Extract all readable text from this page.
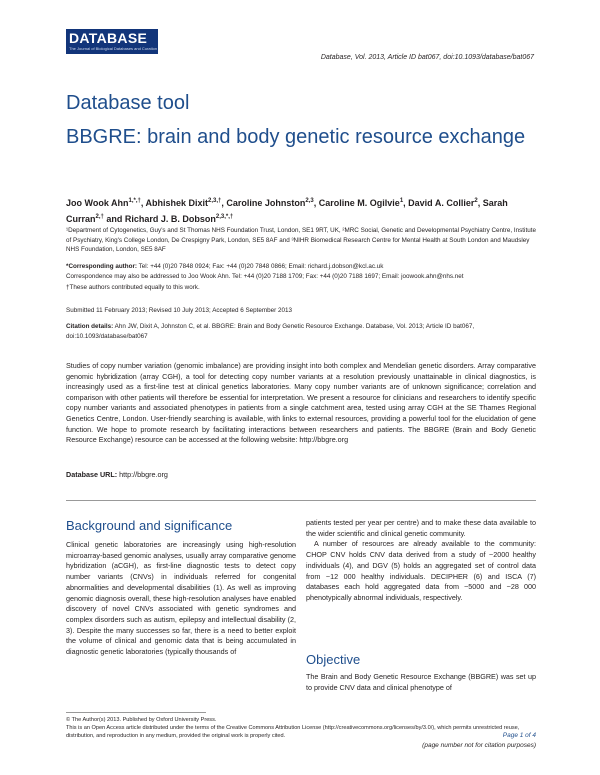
DATABASE
The Journal of Biological Databases and Curation
Database, Vol. 2013, Article ID bat067, doi:10.1093/database/bat067
Database tool
BBGRE: brain and body genetic resource exchange
Joo Wook Ahn$^{1,*,\dagger}$, Abhishek Dixit$^{2,3,\dagger}$, Caroline Johnston$^{2,3}$, Caroline M. Ogilvie$^1$, David A. Collier$^2$, Sarah Curran$^{2,\dagger}$ and Richard J. B. Dobson$^{2,3,*,\dagger}$
¹Department of Cytogenetics, Guy's and St Thomas NHS Foundation Trust, London, SE1 9RT, UK, ²MRC Social, Genetic and Developmental Psychiatry Centre, Institute of Psychiatry, King's College London, De Crespigny Park, London, SE5 8AF and ³NIHR Biomedical Research Centre for Mental Health at South London and Maudsley NHS Foundation, London, SE5 8AF
*Corresponding author: Tel: +44 (0)20 7848 0924; Fax: +44 (0)20 7848 0866; Email: richard.j.dobson@kcl.ac.uk
Correspondence may also be addressed to Joo Wook Ahn. Tel: +44 (0)20 7188 1709; Fax: +44 (0)20 7188 1697; Email: joowook.ahn@nhs.net
†These authors contributed equally to this work.
Submitted 11 February 2013; Revised 10 July 2013; Accepted 6 September 2013
Citation details: Ahn JW, Dixit A, Johnston C, et al. BBGRE: Brain and Body Genetic Resource Exchange. Database, Vol. 2013; Article ID bat067, doi:10.1093/database/bat067
Studies of copy number variation (genomic imbalance) are providing insight into both complex and Mendelian genetic disorders. Array comparative genomic hybridization (array CGH), a tool for detecting copy number variants at a resolution previously unattainable in clinical diagnostics, is increasingly used as a first-line test at clinical genetics laboratories. Many copy number variants are of unknown significance; correlation and comparison with other patients will therefore be essential for interpretation. We present a resource for clinicians and researchers to identify specific copy number variants and associated phenotypes in patients from a single catchment area, tested using array CGH at the SE Thames Regional Genetics Centre, London. User-friendly searching is available, with links to external resources, providing a powerful tool for the elucidation of gene function. We hope to promote research by facilitating interactions between researchers and patients. The BBGRE (Brain and Body Genetic Resource Exchange) resource can be accessed at the following website: http://bbgre.org
Database URL: http://bbgre.org
Background and significance
Clinical genetic laboratories are increasingly using high-resolution microarray-based genomic analyses, usually array comparative genome hybridization (aCGH), as first-line diagnostic tests to detect copy number variants (CNVs) in individuals referred for congenital abnormalities and developmental disabilities (1). As well as improving genomic diagnosis overall, these high-resolution analyses have enabled discovery of novel CNVs associated with genetic syndromes and complex disorders such as autism, epilepsy and intellectual disability (2, 3). Despite the many successes so far, there is a need to better exploit the volume of clinical and genomic data that is being accumulated in diagnostic genetic laboratories (typically thousands of
patients tested per year per centre) and to make these data available to the wider scientific and clinical genetic community.
A number of resources are already available to the community: CHOP CNV holds CNV data derived from a study of ~2000 healthy individuals (4), and DGV (5) holds an aggregated set of control data from ~12 000 healthy individuals. DECIPHER (6) and ISCA (7) databases each hold aggregated data from ~5000 and ~28 000 phenotypically abnormal individuals, respectively.
Objective
The Brain and Body Genetic Resource Exchange (BBGRE) was set up to provide CNV data and clinical phenotype of
© The Author(s) 2013. Published by Oxford University Press.
This is an Open Access article distributed under the terms of the Creative Commons Attribution License (http://creativecommons.org/licenses/by/3.0/), which permits unrestricted reuse, distribution, and reproduction in any medium, provided the original work is properly cited.	Page 1 of 4
(page number not for citation purposes)
